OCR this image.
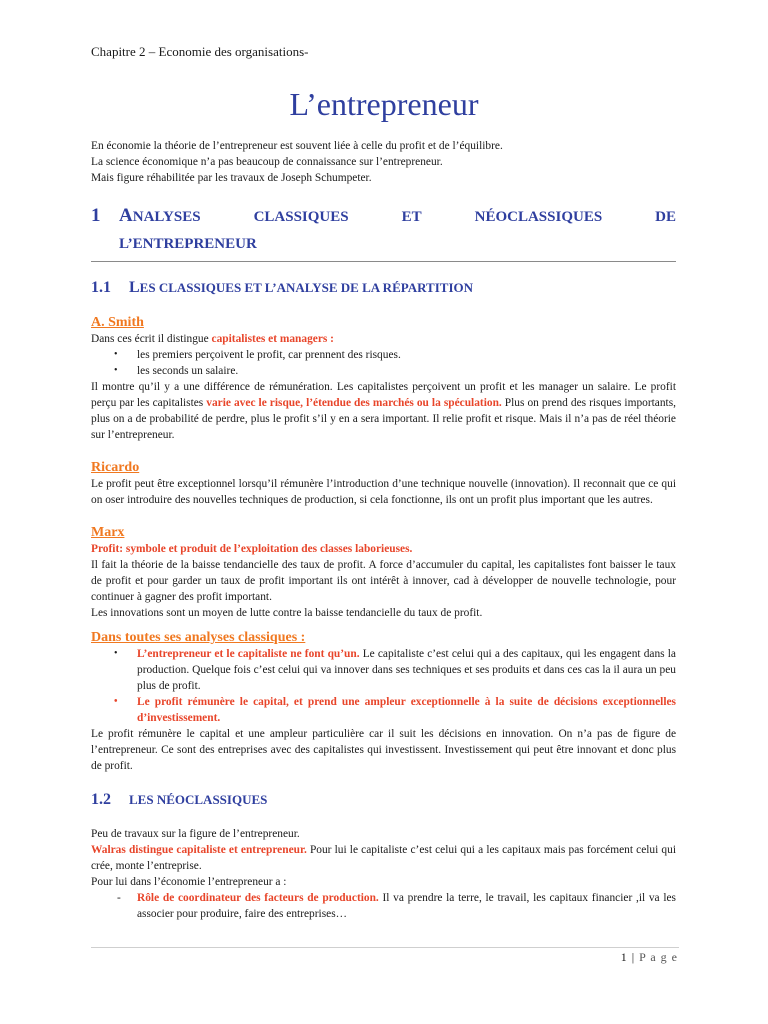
Chapitre 2 – Economie des organisations-
L’entrepreneur

En économie la théorie de l’entrepreneur est souvent liée à celle du profit et de l’équilibre.

La science économique n’a pas beaucoup de connaissance sur l’entrepreneur.

Mais figure réhabilitée par les travaux de Joseph Schumpeter.

1 ANALYSES	CLASSIQUES	ET	NÉOCLASSIQUES	DE
L’ENTREPRENEUR
1.1	LES CLASSIQUES ET L’ANALYSE DE LA RÉPARTITION
A. Smith

Dans ces écrit il distingue capitalistes et managers :

• les premiers perçoivent le profit, car prennent des risques.
• les seconds un salaire.

Il montre qu’il y a une différence de rémunération. Les capitalistes perçoivent un profit et les manager un salaire. Le profit perçu par les capitalistes varie avec le risque, l’étendue des marchés ou la spéculation. Plus on prend des risques importants, plus on a de probabilité de perdre, plus le profit s’il y en a sera important. Il relie profit et risque. Mais il n’a pas de réel théorie sur l’entrepreneur.

Ricardo

Le profit peut être exceptionnel lorsqu’il rémunère l’introduction d’une technique nouvelle (innovation). Il reconnait que ce qui on oser introduire des nouvelles techniques de production, si cela fonctionne, ils ont un profit plus important que les autres.

Marx

Profit: symbole et produit de l’exploitation des classes laborieuses.

Il fait la théorie de la baisse tendancielle des taux de profit. A force d’accumuler du capital, les capitalistes font baisser le taux de profit et pour garder un taux de profit important ils ont intérêt à innover, cad à développer de nouvelle technologie, pour continuer à gagner des profit important.

Les innovations sont un moyen de lutte contre la baisse tendancielle du taux de profit.

Dans toutes ses analyses classiques :
• L’entrepreneur et le capitaliste ne font qu’un. Le capitaliste c’est celui qui a des capitaux, qui les engagent dans la production. Quelque fois c’est celui qui va innover dans ses techniques et ses produits et dans ces cas la il aura un peu plus de profit.
• Le profit rémunère le capital, et prend une ampleur exceptionnelle à la suite de décisions exceptionnelles d’investissement.

Le profit rémunère le capital et une ampleur particulière car il suit les décisions en innovation. On n’a pas de figure de l’entrepreneur. Ce sont des entreprises avec des capitalistes qui investissent. Investissement qui peut être innovant et donc plus de profit.

1.2	LES NÉOCLASSIQUES

Peu de travaux sur la figure de l’entrepreneur.

Walras distingue capitaliste et entrepreneur. Pour lui le capitaliste c’est celui qui a les capitaux mais pas forcément celui qui crée, monte l’entreprise.

Pour lui dans l’économie l’entrepreneur a :

- Rôle de coordinateur des facteurs de production. Il va prendre la terre, le travail, les capitaux financier ,il va les associer pour produire, faire des entreprises…
1 | P a g e
